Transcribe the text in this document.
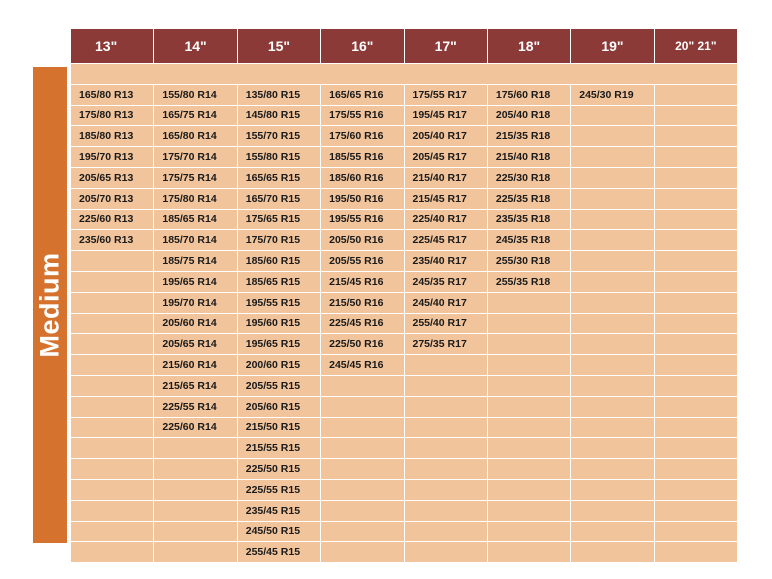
Medium
13"	14"	15"	16"	17"	18"	19"	20" 21"

165/80 R13	155/80 R14	135/80 R15	165/65 R16	175/55 R17	175/60 R18	245/30 R19	
175/80 R13	165/75 R14	145/80 R15	175/55 R16	195/45 R17	205/40 R18		
185/80 R13	165/80 R14	155/70 R15	175/60 R16	205/40 R17	215/35 R18		
195/70 R13	175/70 R14	155/80 R15	185/55 R16	205/45 R17	215/40 R18		
205/65 R13	175/75 R14	165/65 R15	185/60 R16	215/40 R17	225/30 R18		
205/70 R13	175/80 R14	165/70 R15	195/50 R16	215/45 R17	225/35 R18		
225/60 R13	185/65 R14	175/65 R15	195/55 R16	225/40 R17	235/35 R18		
235/60 R13	185/70 R14	175/70 R15	205/50 R16	225/45 R17	245/35 R18		
	185/75 R14	185/60 R15	205/55 R16	235/40 R17	255/30 R18		
	195/65 R14	185/65 R15	215/45 R16	245/35 R17	255/35 R18		
	195/70 R14	195/55 R15	215/50 R16	245/40 R17			
	205/60 R14	195/60 R15	225/45 R16	255/40 R17			
	205/65 R14	195/65 R15	225/50 R16	275/35 R17			
	215/60 R14	200/60 R15	245/45 R16				
	215/65 R14	205/55 R15					
	225/55 R14	205/60 R15					
	225/60 R14	215/50 R15					
		215/55 R15					
		225/50 R15					
		225/55 R15					
		235/45 R15					
		245/50 R15					
		255/45 R15					
